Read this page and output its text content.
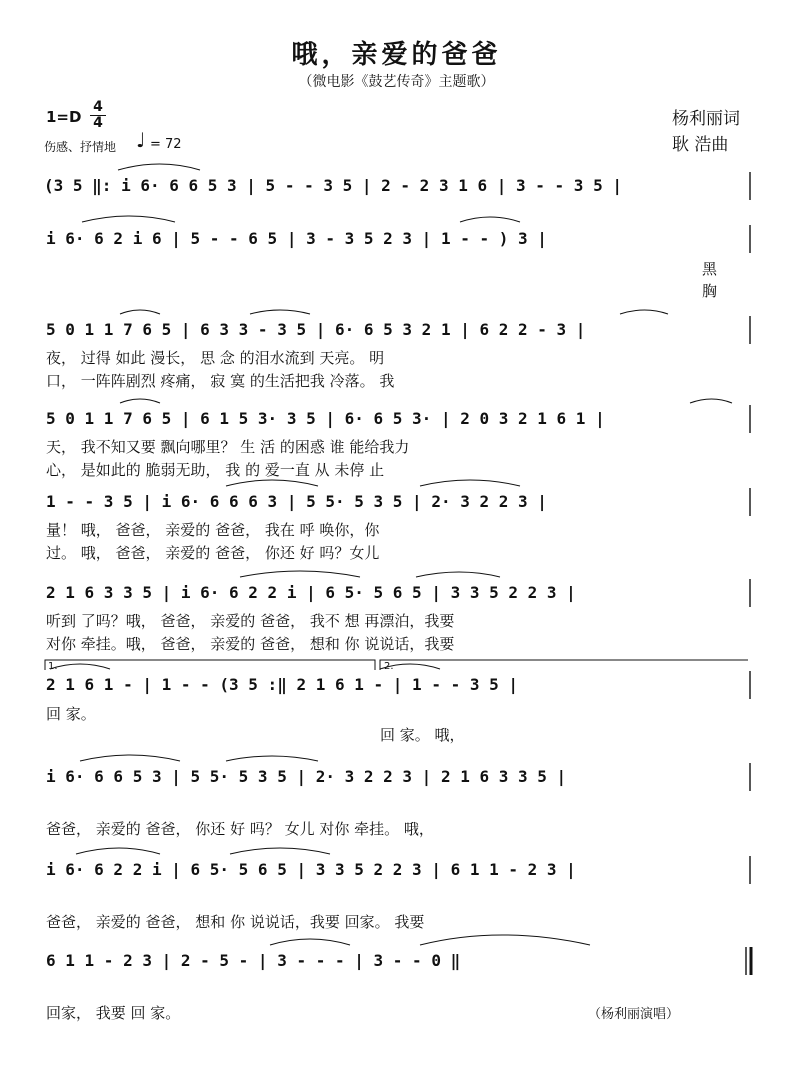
哦，亲爱的爸爸
（微电影《鼓艺传奇》主题歌）
1=D
4
4
伤感、抒情地 ♩ = 72
杨利丽词
耿 浩曲
(3 5 ‖: i 6· 6 6 5 3 | 5 - - 3 5 | 2 - 2 3 1 6 | 3 - - 3 5 |
i 6· 6 2 i 6 | 5 - - 6 5 | 3 - 3 5 2 3 | 1 - - ) 3 |
黑
胸
5 0 1 1 7 6 5 | 6 3 3 - 3 5 | 6· 6 5 3 2 1 | 6 2 2 - 3 |
夜， 过得 如此 漫长， 思 念 的泪水流到 天亮。 明
口， 一阵阵剧烈 疼痛， 寂 寞 的生活把我 冷落。 我
5 0 1 1 7 6 5 | 6 1 5 3· 3 5 | 6· 6 5 3· | 2 0 3 2 1 6 1 |
天， 我不知又要 飘向哪里？ 生 活 的困惑 谁 能给我力
心， 是如此的 脆弱无助， 我 的 爱一直 从 未停 止
1 - - 3 5 | i 6· 6 6 6 3 | 5 5· 5 3 5 | 2· 3 2 2 3 |
量！ 哦， 爸爸， 亲爱的 爸爸， 我在 呼 唤你，你
过。 哦， 爸爸， 亲爱的 爸爸， 你还 好 吗？女儿
2 1 6 3 3 5 | i 6· 6 2 2 i | 6 5· 5 6 5 | 3 3 5 2 2 3 |
听到 了吗？哦， 爸爸， 亲爱的 爸爸， 我不 想 再漂泊，我要
对你 牵挂。哦， 爸爸， 亲爱的 爸爸， 想和 你 说说话，我要
1.	2.
2 1 6 1 - | 1 - - (3 5 :‖ 2 1 6 1 - | 1 - - 3 5 |
回 家。
回 家。 哦，
i 6· 6 6 5 3 | 5 5· 5 3 5 | 2· 3 2 2 3 | 2 1 6 3 3 5 |
爸爸， 亲爱的 爸爸， 你还 好 吗？ 女儿 对你 牵挂。 哦，
i 6· 6 2 2 i | 6 5· 5 6 5 | 3 3 5 2 2 3 | 6 1 1 - 2 3 |
爸爸， 亲爱的 爸爸， 想和 你 说说话，我要 回家。 我要
6 1 1 - 2 3 | 2 - 5 - | 3 - - - | 3 - - 0 ‖
回家， 我要 回 家。	（杨利丽演唱）
